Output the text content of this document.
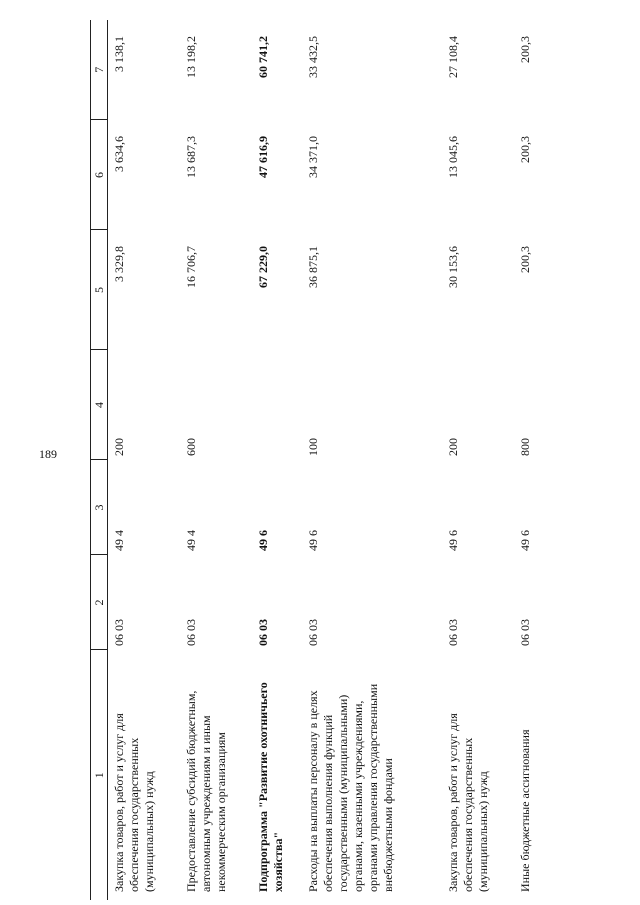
189
1	2	3	4	5	6	7
Закупка товаров, работ и услуг для обеспечения государственных (муниципальных) нужд	06 03	49 4	200	3 329,8	3 634,6	3 138,1
Предоставление субсидий бюджетным, автономным учреждениям и иным некоммерческим организациям	06 03	49 4	600	16 706,7	13 687,3	13 198,2
Подпрограмма "Развитие охотничьего хозяйства"	06 03	49 6		67 229,0	47 616,9	60 741,2
Расходы на выплаты персоналу в целях обеспечения выполнения функций государственными (муниципальными) органами, казенными учреждениями, органами управления государственными внебюджетными фондами	06 03	49 6	100	36 875,1	34 371,0	33 432,5
Закупка товаров, работ и услуг для обеспечения государственных (муниципальных) нужд	06 03	49 6	200	30 153,6	13 045,6	27 108,4
Иные бюджетные ассигнования	06 03	49 6	800	200,3	200,3	200,3
